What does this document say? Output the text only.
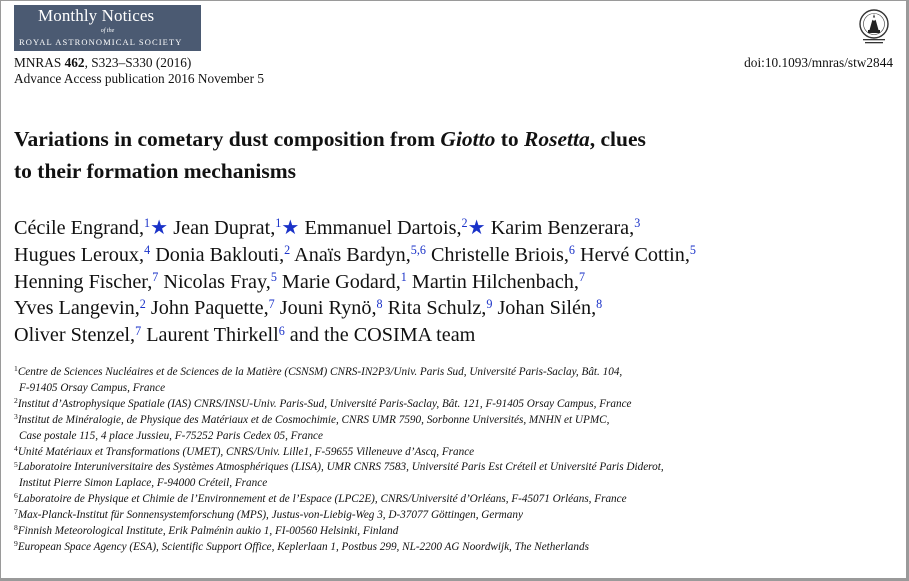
Monthly Notices
of the
ROYAL ASTRONOMICAL SOCIETY
MNRAS 462, S323–S330 (2016)
Advance Access publication 2016 November 5
doi:10.1093/mnras/stw2844
Variations in cometary dust composition from Giotto to Rosetta, clues
to their formation mechanisms
Cécile Engrand,$^1$★ Jean Duprat,$^1$★ Emmanuel Dartois,$^2$★ Karim Benzerara,$^3$
Hugues Leroux,$^4$ Donia Baklouti,$^2$ Anaïs Bardyn,$^{5,6}$ Christelle Briois,$^6$ Hervé Cottin,$^5$
Henning Fischer,$^7$ Nicolas Fray,$^5$ Marie Godard,$^1$ Martin Hilchenbach,$^7$
Yves Langevin,$^2$ John Paquette,$^7$ Jouni Rynö,$^8$ Rita Schulz,$^9$ Johan Silén,$^8$
Oliver Stenzel,$^7$ Laurent Thirkell$^6$ and the COSIMA team
$^1$Centre de Sciences Nucléaires et de Sciences de la Matière (CSNSM) CNRS-IN2P3/Univ. Paris Sud, Université Paris-Saclay, Bât. 104,
F-91405 Orsay Campus, France
$^2$Institut d’Astrophysique Spatiale (IAS) CNRS/INSU-Univ. Paris-Sud, Université Paris-Saclay, Bât. 121, F-91405 Orsay Campus, France
$^3$Institut de Minéralogie, de Physique des Matériaux et de Cosmochimie, CNRS UMR 7590, Sorbonne Universités, MNHN et UPMC,
Case postale 115, 4 place Jussieu, F-75252 Paris Cedex 05, France
$^4$Unité Matériaux et Transformations (UMET), CNRS/Univ. Lille1, F-59655 Villeneuve d’Ascq, France
$^5$Laboratoire Interuniversitaire des Systèmes Atmosphériques (LISA), UMR CNRS 7583, Université Paris Est Créteil et Université Paris Diderot,
Institut Pierre Simon Laplace, F-94000 Créteil, France
$^6$Laboratoire de Physique et Chimie de l’Environnement et de l’Espace (LPC2E), CNRS/Université d’Orléans, F-45071 Orléans, France
$^7$Max-Planck-Institut für Sonnensystemforschung (MPS), Justus-von-Liebig-Weg 3, D-37077 Göttingen, Germany
$^8$Finnish Meteorological Institute, Erik Palménin aukio 1, FI-00560 Helsinki, Finland
$^9$European Space Agency (ESA), Scientific Support Office, Keplerlaan 1, Postbus 299, NL-2200 AG Noordwijk, The Netherlands
